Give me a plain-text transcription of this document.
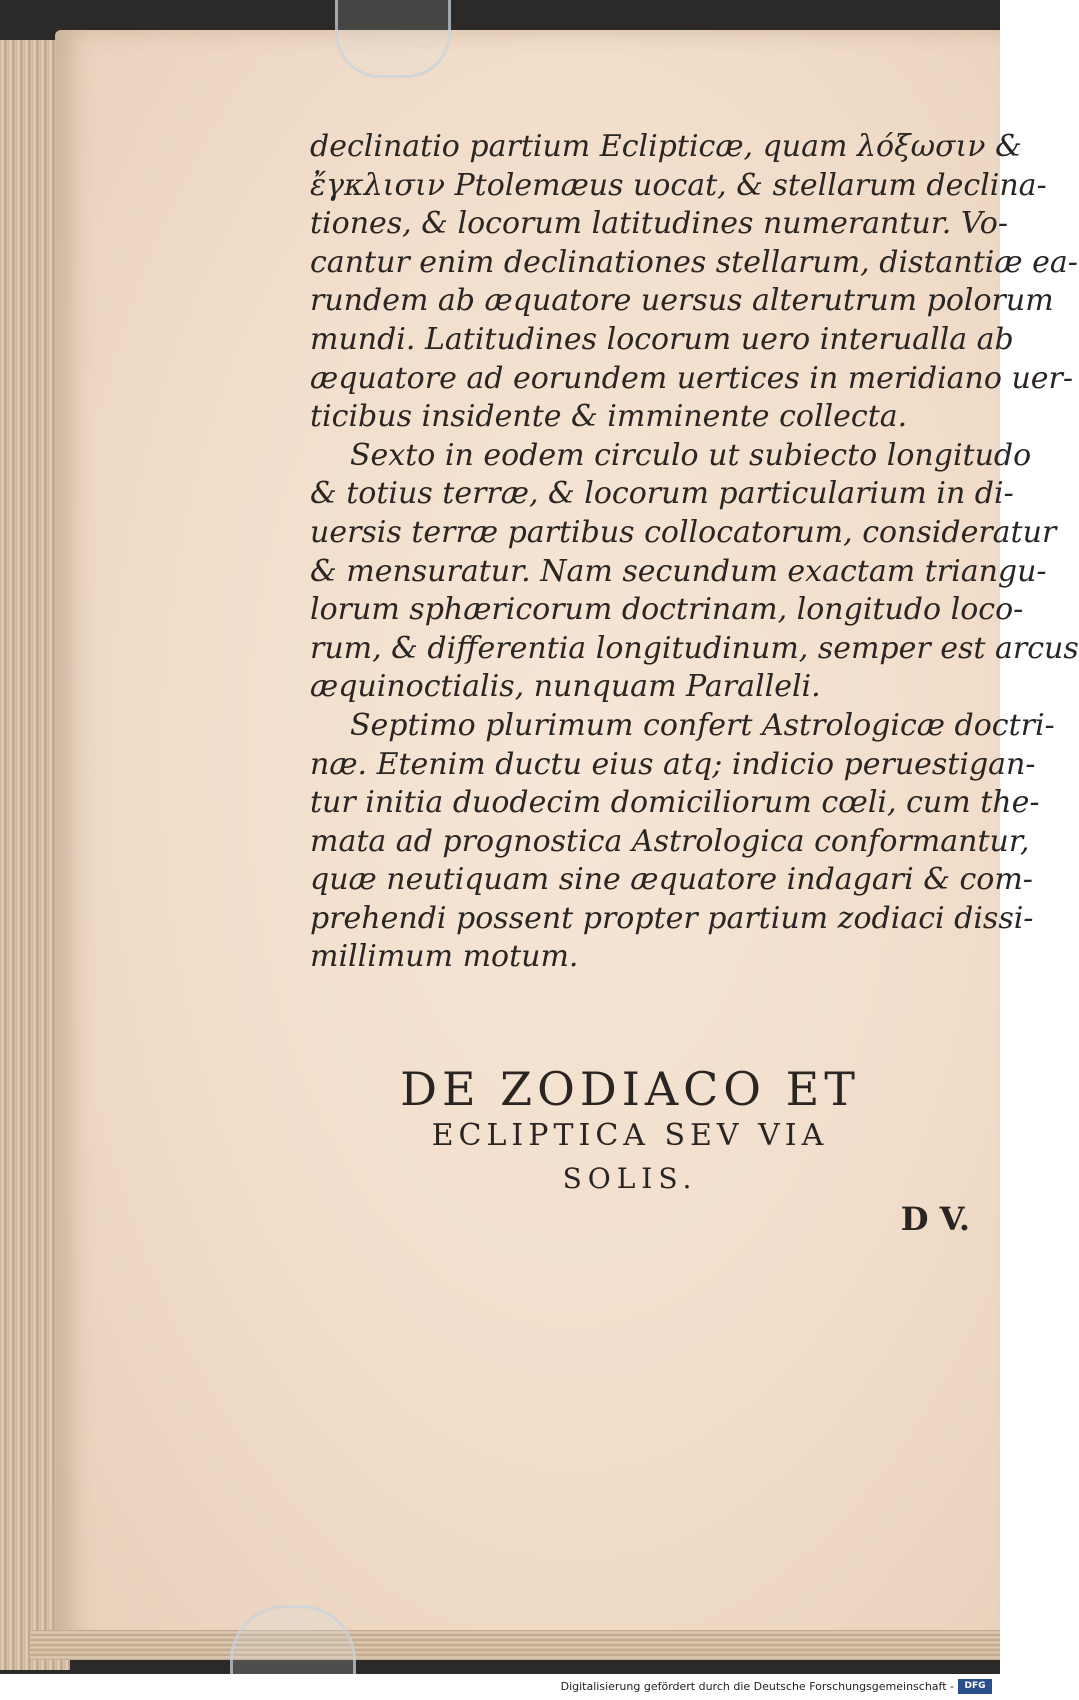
declinatio partium Eclipticæ, quam λόξωσιν &
ἔγκλισιν Ptolemæus uocat, & stellarum declina-
tiones, & locorum latitudines numerantur. Vo-
cantur enim declinationes stellarum, distantiæ ea-
rundem ab æquatore uersus alterutrum polorum
mundi. Latitudines locorum uero interualla ab
æquatore ad eorundem uertices in meridiano uer-
ticibus insidente & imminente collecta.
Sexto in eodem circulo ut subiecto longitudo
& totius terræ, & locorum particularium in di-
uersis terræ partibus collocatorum, consideratur
& mensuratur. Nam secundum exactam triangu-
lorum sphæricorum doctrinam, longitudo loco-
rum, & differentia longitudinum, semper est arcus
æquinoctialis, nunquam Paralleli.
Septimo plurimum confert Astrologicæ doctri-
næ. Etenim ductu eius atq; indicio peruestigan-
tur initia duodecim domiciliorum cœli, cum the-
mata ad prognostica Astrologica conformantur,
quæ neutiquam sine æquatore indagari & com-
prehendi possent propter partium zodiaci dissi-
millimum motum.
DE ZODIACO ET
ECLIPTICA SEV VIA
SOLIS.
D V.
Digitalisierung gefördert durch die Deutsche Forschungsgemeinschaft -	DFG
